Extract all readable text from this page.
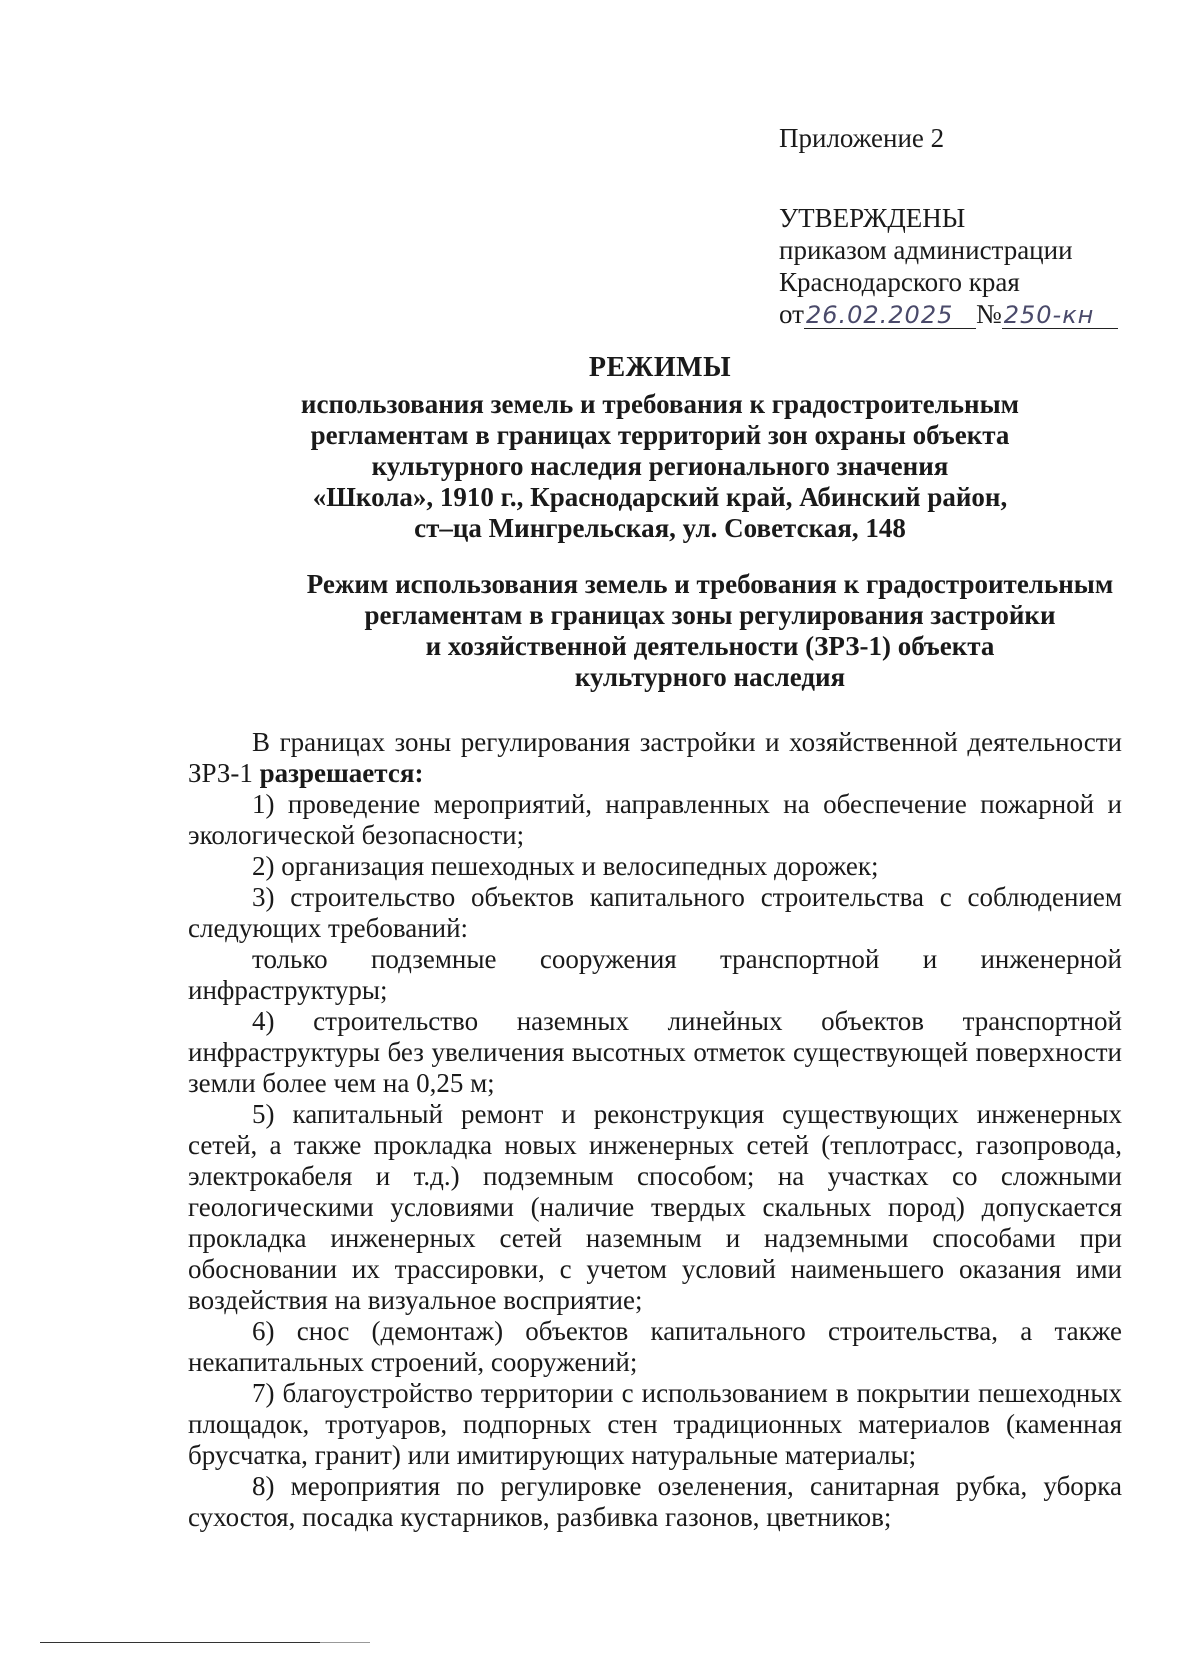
Приложение 2
УТВЕРЖДЕНЫ
приказом администрации
Краснодарского края
от26.02.2025 №250-кн
РЕЖИМЫ
использования земель и требования к градостроительным
регламентам в границах территорий зон охраны объекта
культурного наследия регионального значения
«Школа», 1910 г., Краснодарский край, Абинский район,
ст–ца Мингрельская, ул. Советская, 148
Режим использования земель и требования к градостроительным
регламентам в границах зоны регулирования застройки
и хозяйственной деятельности (ЗРЗ-1) объекта
культурного наследия

В границах зоны регулирования застройки и хозяйственной деятельности ЗРЗ-1 разрешается:

1) проведение мероприятий, направленных на обеспечение пожарной и экологической безопасности;

2) организация пешеходных и велосипедных дорожек;

3) строительство объектов капитального строительства с соблюдением следующих требований:

только подземные сооружения транспортной и инженерной инфраструктуры;

4) строительство наземных линейных объектов транспортной инфраструктуры без увеличения высотных отметок существующей поверхности земли более чем на 0,25 м;

5) капитальный ремонт и реконструкция существующих инженерных сетей, а также прокладка новых инженерных сетей (теплотрасс, газопровода, электрокабеля и т.д.) подземным способом; на участках со сложными геологическими условиями (наличие твердых скальных пород) допускается прокладка инженерных сетей наземным и надземными способами при обосновании их трассировки, с учетом условий наименьшего оказания ими воздействия на визуальное восприятие;

6) снос (демонтаж) объектов капитального строительства, а также некапитальных строений, сооружений;

7) благоустройство территории с использованием в покрытии пешеходных площадок, тротуаров, подпорных стен традиционных материалов (каменная брусчатка, гранит) или имитирующих натуральные материалы;

8) мероприятия по регулировке озеленения, санитарная рубка, уборка сухостоя, посадка кустарников, разбивка газонов, цветников;
